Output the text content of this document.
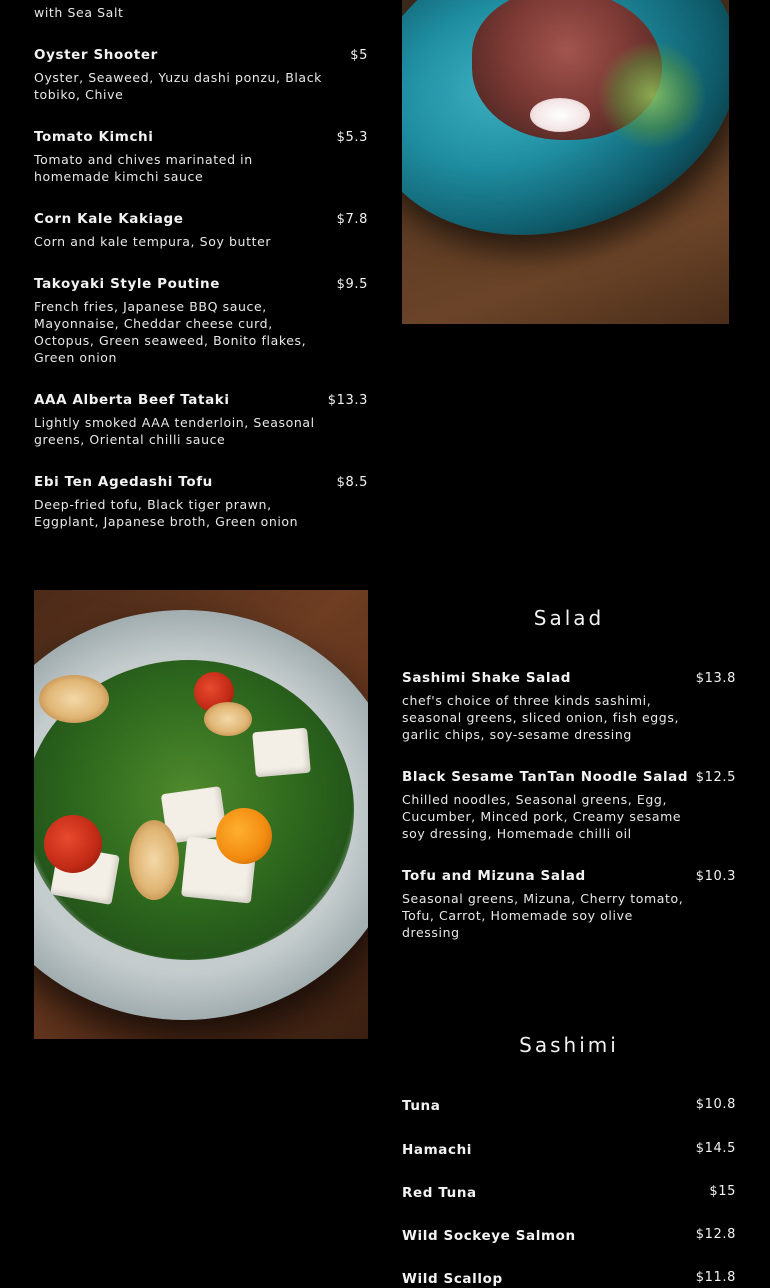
with Sea Salt
Oyster Shooter
Oyster, Seaweed, Yuzu dashi ponzu, Black tobiko, Chive
$5
Tomato Kimchi
Tomato and chives marinated in homemade kimchi sauce
$5.3
Corn Kale Kakiage
Corn and kale tempura, Soy butter
$7.8
Takoyaki Style Poutine
French fries, Japanese BBQ sauce, Mayonnaise, Cheddar cheese curd, Octopus, Green seaweed, Bonito flakes, Green onion
$9.5
AAA Alberta Beef Tataki
Lightly smoked AAA tenderloin, Seasonal greens, Oriental chilli sauce
$13.3
Ebi Ten Agedashi Tofu
Deep-fried tofu, Black tiger prawn, Eggplant, Japanese broth, Green onion
$8.5
Salad
Sashimi Shake Salad
chef's choice of three kinds sashimi, seasonal greens, sliced onion, fish eggs, garlic chips, soy-sesame dressing
$13.8
Black Sesame TanTan Noodle Salad
Chilled noodles, Seasonal greens, Egg, Cucumber, Minced pork, Creamy sesame soy dressing, Homemade chilli oil
$12.5
Tofu and Mizuna Salad
Seasonal greens, Mizuna, Cherry tomato, Tofu, Carrot, Homemade soy olive dressing
$10.3
Sashimi
Tuna	$10.8
Hamachi	$14.5
Red Tuna	$15
Wild Sockeye Salmon	$12.8
Wild Scallop	$11.8
